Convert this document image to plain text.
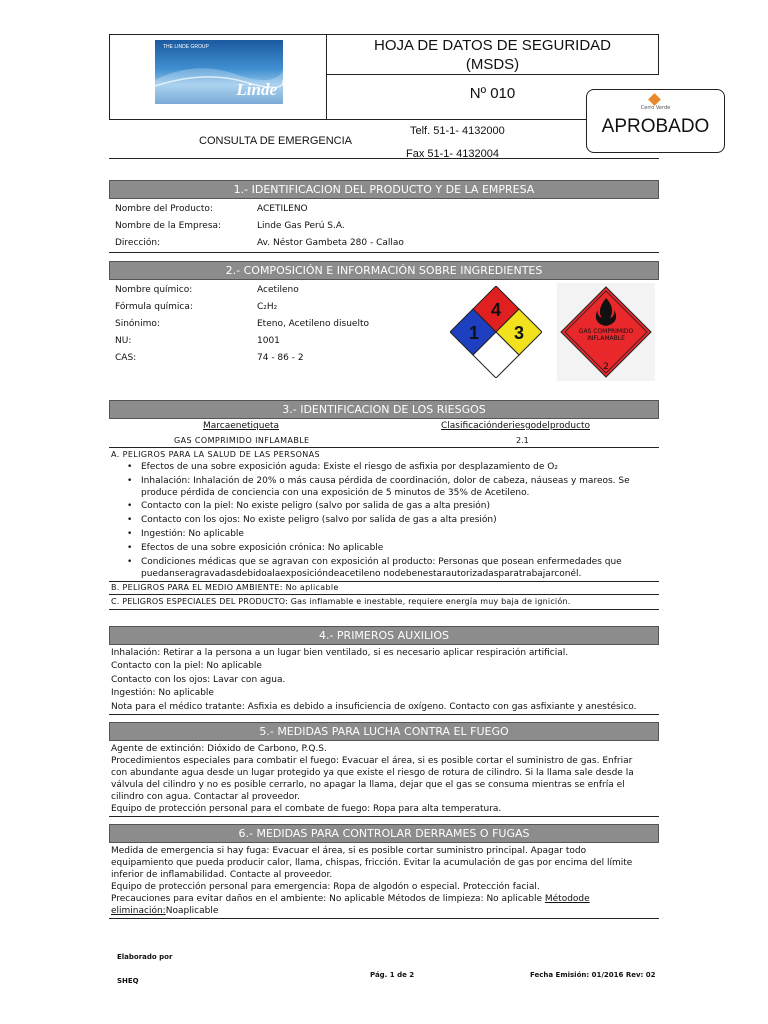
THE LINDE GROUP
Linde
HOJA DE DATOS DE SEGURIDAD
(MSDS)
Nº 010
CONSULTA DE EMERGENCIA
Telf. 51-1- 4132000
Fax 51-1- 4132004
Cerro Verde
APROBADO
1.- IDENTIFICACION DEL PRODUCTO Y DE LA EMPRESA
Nombre del Producto:	ACETILENO
Nombre de la Empresa:	Linde Gas Perú S.A.
Dirección:	Av. Néstor Gambeta 280 - Callao
2.- COMPOSICIÓN E INFORMACIÓN SOBRE INGREDIENTES
Nombre químico:	Acetileno
Fórmula química:	C₂H₂
Sinónimo:	Eteno, Acetileno disuelto
NU:	1001
CAS:	74 - 86 - 2
4
1 3	GAS COMPRIMIDO
INFLAMABLE
2
3.- IDENTIFICACION DE LOS RIESGOS
Marcaenetiqueta	Clasificaciónderiesgodelproducto
GAS COMPRIMIDO INFLAMABLE	2.1
A. PELIGROS PARA LA SALUD DE LAS PERSONAS
• Efectos de una sobre exposición aguda: Existe el riesgo de asfixia por desplazamiento de O₂
• Inhalación: Inhalación de 20% o más causa pérdida de coordinación, dolor de cabeza, náuseas y mareos. Se
produce pérdida de conciencia con una exposición de 5 minutos de 35% de Acetileno.
• Contacto con la piel: No existe peligro (salvo por salida de gas a alta presión)
• Contacto con los ojos: No existe peligro (salvo por salida de gas a alta presión)
• Ingestión: No aplicable
• Efectos de una sobre exposición crónica: No aplicable
• Condiciones médicas que se agravan con exposición al producto: Personas que posean enfermedades que
puedanseragravadasdebidoalaexposicióndeacetileno nodebenestarautorizadasparatrabajarconél.
B. PELIGROS PARA EL MEDIO AMBIENTE: No aplicable
C. PELIGROS ESPECIALES DEL PRODUCTO: Gas inflamable e inestable, requiere energía muy baja de ignición.
4.- PRIMEROS AUXILIOS
Inhalación: Retirar a la persona a un lugar bien ventilado, si es necesario aplicar respiración artificial.
Contacto con la piel: No aplicable
Contacto con los ojos: Lavar con agua.
Ingestión: No aplicable
Nota para el médico tratante: Asfixia es debido a insuficiencia de oxígeno. Contacto con gas asfixiante y anestésico.
5.- MEDIDAS PARA LUCHA CONTRA EL FUEGO
Agente de extinción: Dióxido de Carbono, P.Q.S.
Procedimientos especiales para combatir el fuego: Evacuar el área, si es posible cortar el suministro de gas. Enfriar
con abundante agua desde un lugar protegido ya que existe el riesgo de rotura de cilindro. Si la llama sale desde la
válvula del cilindro y no es posible cerrarlo, no apagar la llama, dejar que el gas se consuma mientras se enfría el
cilindro con agua. Contactar al proveedor.
Equipo de protección personal para el combate de fuego: Ropa para alta temperatura.
6.- MEDIDAS PARA CONTROLAR DERRAMES O FUGAS
Medida de emergencia si hay fuga: Evacuar el área, si es posible cortar suministro principal. Apagar todo
equipamiento que pueda producir calor, llama, chispas, fricción. Evitar la acumulación de gas por encima del límite
inferior de inflamabilidad. Contacte al proveedor.
Equipo de protección personal para emergencia: Ropa de algodón o especial. Protección facial.
Precauciones para evitar daños en el ambiente: No aplicable Métodos de limpieza: No aplicable Métodode
eliminación:Noaplicable
Elaborado por
SHEQ
Pág. 1 de 2	Fecha Emisión: 01/2016 Rev: 02
